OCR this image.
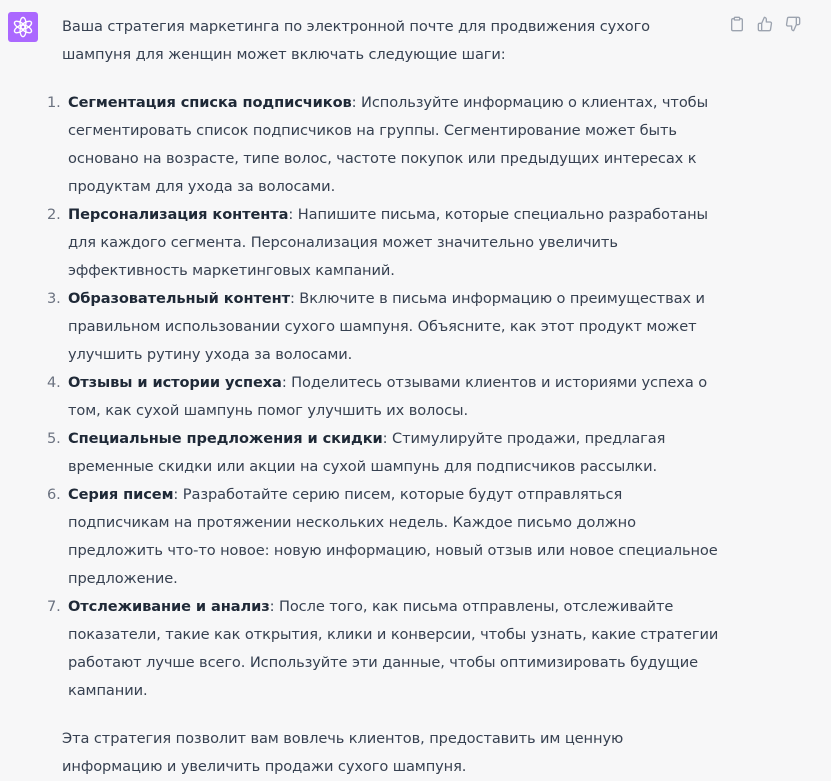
Ваша стратегия маркетинга по электронной почте для продвижения сухого шампуня для женщин может включать следующие шаги:

1. Сегментация списка подписчиков: Используйте информацию о клиентах, чтобы сегментировать список подписчиков на группы. Сегментирование может быть основано на возрасте, типе волос, частоте покупок или предыдущих интересах к продуктам для ухода за волосами.
2. Персонализация контента: Напишите письма, которые специально разработаны для каждого сегмента. Персонализация может значительно увеличить эффективность маркетинговых кампаний.
3. Образовательный контент: Включите в письма информацию о преимуществах и правильном использовании сухого шампуня. Объясните, как этот продукт может улучшить рутину ухода за волосами.
4. Отзывы и истории успеха: Поделитесь отзывами клиентов и историями успеха о том, как сухой шампунь помог улучшить их волосы.
5. Специальные предложения и скидки: Стимулируйте продажи, предлагая временные скидки или акции на сухой шампунь для подписчиков рассылки.
6. Серия писем: Разработайте серию писем, которые будут отправляться подписчикам на протяжении нескольких недель. Каждое письмо должно предложить что-то новое: новую информацию, новый отзыв или новое специальное предложение.
7. Отслеживание и анализ: После того, как письма отправлены, отслеживайте показатели, такие как открытия, клики и конверсии, чтобы узнать, какие стратегии работают лучше всего. Используйте эти данные, чтобы оптимизировать будущие кампании.

Эта стратегия позволит вам вовлечь клиентов, предоставить им ценную информацию и увеличить продажи сухого шампуня.
